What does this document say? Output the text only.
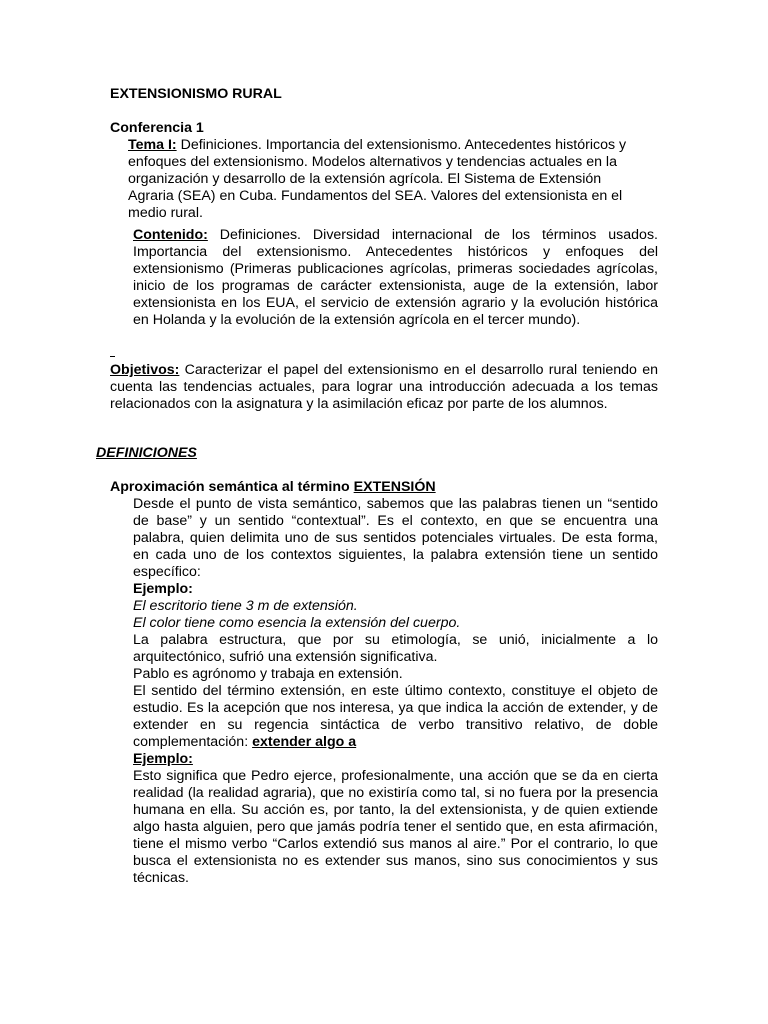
EXTENSIONISMO RURAL
Conferencia 1

Tema I: Definiciones. Importancia del extensionismo. Antecedentes históricos y enfoques del extensionismo. Modelos alternativos y tendencias actuales en la organización y desarrollo de la extensión agrícola. El Sistema de Extensión Agraria (SEA) en Cuba. Fundamentos del SEA. Valores del extensionista en el medio rural.

Contenido: Definiciones. Diversidad internacional de los términos usados. Importancia del extensionismo. Antecedentes históricos y enfoques del extensionismo (Primeras publicaciones agrícolas, primeras sociedades agrícolas, inicio de los programas de carácter extensionista, auge de la extensión, labor extensionista en los EUA, el servicio de extensión agrario y la evolución histórica en Holanda y la evolución de la extensión agrícola en el tercer mundo).

Objetivos: Caracterizar el papel del extensionismo en el desarrollo rural teniendo en cuenta las tendencias actuales, para lograr una introducción adecuada a los temas relacionados con la asignatura y la asimilación eficaz por parte de los alumnos.

DEFINICIONES
Aproximación semántica al término EXTENSIÓN

Desde el punto de vista semántico, sabemos que las palabras tienen un “sentido de base” y un sentido “contextual”. Es el contexto, en que se encuentra una palabra, quien delimita uno de sus sentidos potenciales virtuales. De esta forma, en cada uno de los contextos siguientes, la palabra extensión tiene un sentido específico:

Ejemplo:

El escritorio tiene 3 m de extensión.

El color tiene como esencia la extensión del cuerpo.

La palabra estructura, que por su etimología, se unió, inicialmente a lo arquitectónico, sufrió una extensión significativa.

Pablo es agrónomo y trabaja en extensión.

El sentido del término extensión, en este último contexto, constituye el objeto de estudio. Es la acepción que nos interesa, ya que indica la acción de extender, y de extender en su regencia sintáctica de verbo transitivo relativo, de doble complementación: extender algo a

Ejemplo:

Esto significa que Pedro ejerce, profesionalmente, una acción que se da en cierta realidad (la realidad agraria), que no existiría como tal, si no fuera por la presencia humana en ella. Su acción es, por tanto, la del extensionista, y de quien extiende algo hasta alguien, pero que jamás podría tener el sentido que, en esta afirmación, tiene el mismo verbo “Carlos extendió sus manos al aire.” Por el contrario, lo que busca el extensionista no es extender sus manos, sino sus conocimientos y sus técnicas.
